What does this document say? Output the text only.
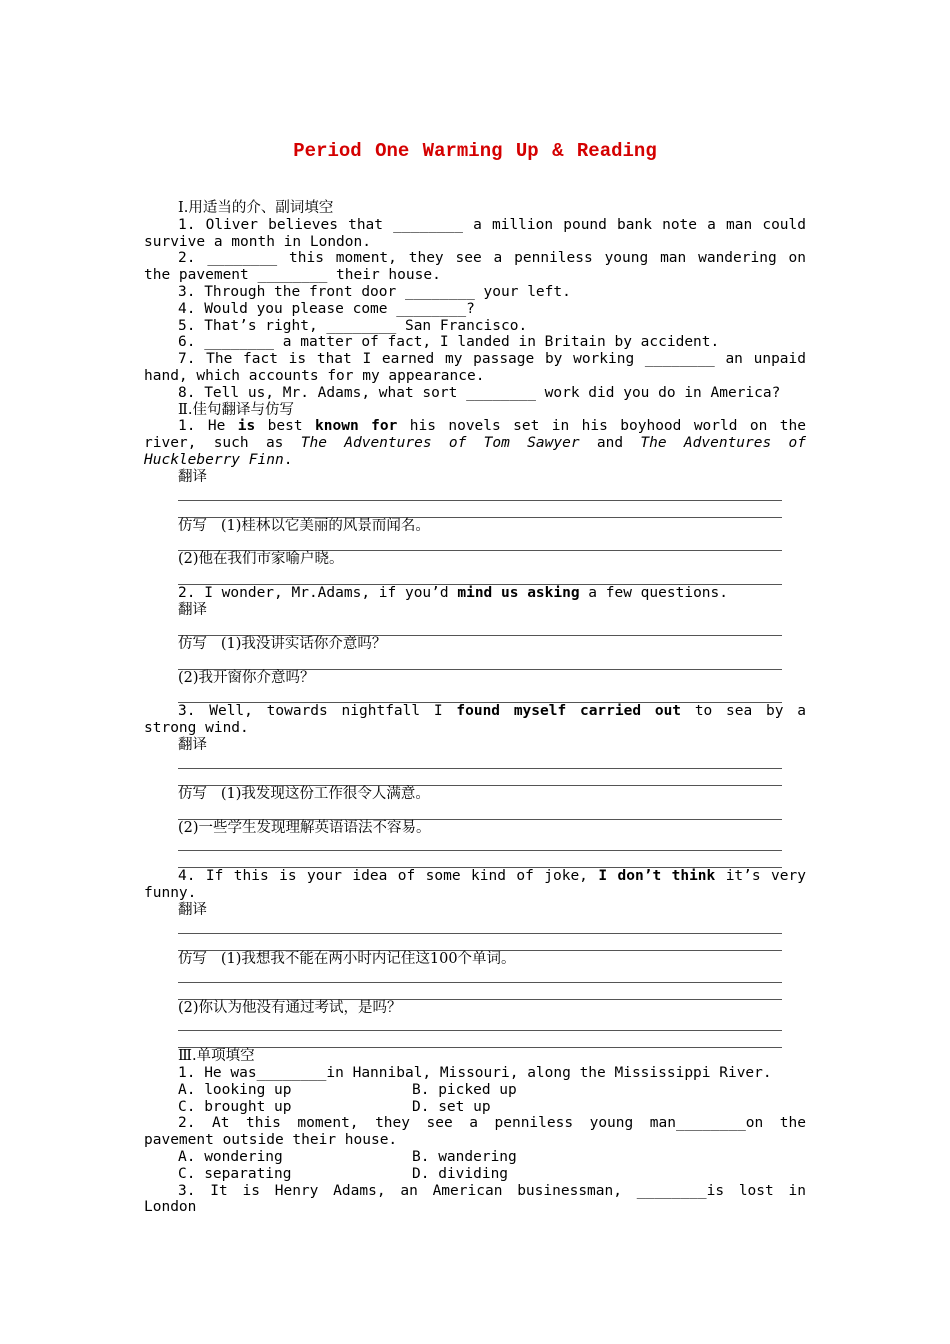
Period One Warming Up & Reading
Ⅰ.用适当的介、副词填空
1. Oliver believes that ________ a million pound bank note a man could survive a month in London.
2. ________ this moment, they see a penniless young man wandering on the pavement ________ their house.
3. Through the front door ________ your left.
4. Would you please come ________?
5. That’s right, ________ San Francisco.
6. ________ a matter of fact, I landed in Britain by accident.
7. The fact is that I earned my passage by working ________ an unpaid hand, which accounts for my appearance.
8. Tell us, Mr. Adams, what sort ________ work did you do in America?
Ⅱ.佳句翻译与仿写
1. He is best known for his novels set in his boyhood world on the river, such as The Adventures of Tom Sawyer and The Adventures of Huckleberry Finn.
翻译
仿写 (1)桂林以它美丽的风景而闻名。
(2)他在我们市家喻户晓。
2. I wonder, Mr.Adams, if you’d mind us asking a few questions.
翻译
仿写 (1)我没讲实话你介意吗？
(2)我开窗你介意吗？
3. Well, towards nightfall I found myself carried out to sea by a strong wind.
翻译
仿写 (1)我发现这份工作很令人满意。
(2)一些学生发现理解英语语法不容易。
4. If this is your idea of some kind of joke, I don’t think it’s very funny.
翻译
仿写 (1)我想我不能在两小时内记住这100个单词。
(2)你认为他没有通过考试，是吗？
Ⅲ.单项填空
1. He was________in Hannibal, Missouri, along the Mississippi River.
A. looking up	B. picked up
C. brought up	D. set up
2. At this moment, they see a penniless young man________on the pavement outside their house.
A. wondering	B. wandering
C. separating	D. dividing
3. It is Henry Adams, an American businessman, ________is lost in London
